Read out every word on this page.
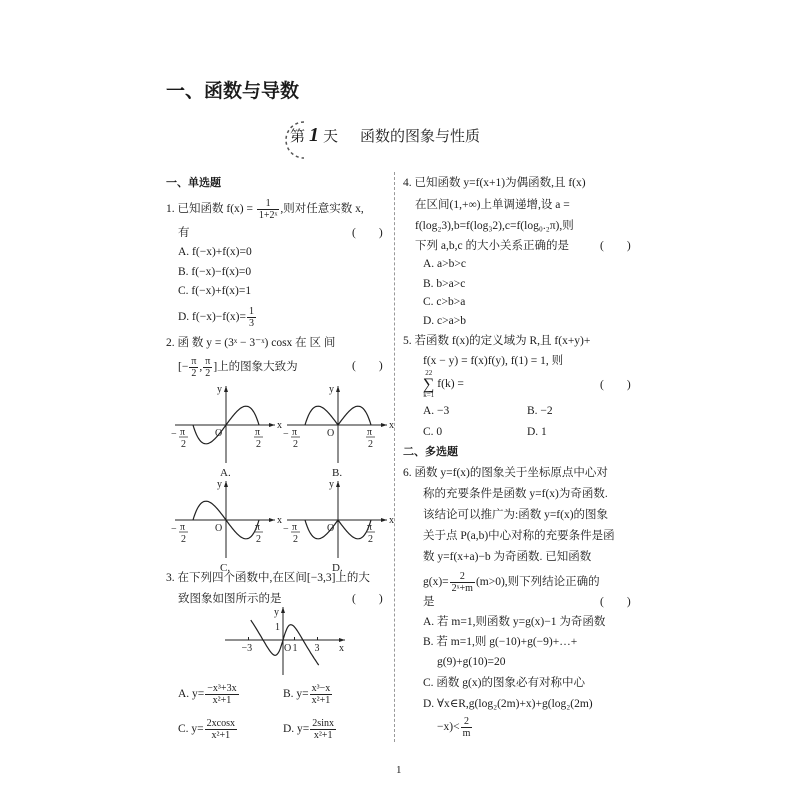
一、函数与导数
第 1 天 函数的图象与性质
一、单选题
1. 已知函数 $f(x) = \frac{1}{\text{1+2ˣ}}$ ,则对任意实数 x,
有	(　　)
A. f(−x)+f(x)=0
B. f(−x)−f(x)=0
C. f(−x)+f(x)=1
D. $f(-x)-f(x)= \frac{1}{3}$
2. 函 数 y = (3ˣ − 3⁻ˣ) cosx 在 区 间
[− $\frac{\pi}{2}$ , $\frac{\pi}{2}$ ]上的图象大致为	(　　)
x
y
O
− π
2
π
2
A.
x
y
O
− π
2
π
2
B.
x
y
O
− π
2
π
2
C.
x
y
O
− π
2
π
2
D.
3. 在下列四个函数中,在区间[−3,3]上的大
致图象如图所示的是	(　　)
−3	3
1
1
O	x
y
A. $y= \frac{\text{−x³+3x}}{\text{x²+1}}$	B. $y= \frac{\text{x³−x}}{\text{x²+1}}$
C. $y= \frac{2xcosx}{\text{x²+1}}$	D. $y= \frac{2\sin x}{\text{x²+1}}$
4. 已知函数 y=f(x+1)为偶函数,且 f(x)
在区间(1,+∞)上单调递增,设 a =
f(log₂3),b=f(log₃2),c=f(log₀.₂π),则
下列 a,b,c 的大小关系正确的是	(　　)
A. a>b>c
B. b>a>c
C. c>b>a
D. c>a>b
5. 若函数 f(x)的定义域为 R,且 f(x+y)+
f(x − y) = f(x)f(y), f(1) = 1, 则
22
∑
k=1 f(k) =	(　　)
A. −3	B. −2
C. 0	D. 1
二、多选题
6. 函数 y=f(x)的图象关于坐标原点中心对
称的充要条件是函数 y=f(x)为奇函数.
该结论可以推广为:函数 y=f(x)的图象
关于点 P(a,b)中心对称的充要条件是函
数 y=f(x+a)−b 为奇函数. 已知函数
$g(x)= \frac{2}{\text{2ˣ+m}} (m>0)$,则下列结论正确的
是	(　　)
A. 若 m=1,则函数 y=g(x)−1 为奇函数
B. 若 m=1,则 g(−10)+g(−9)+…+
g(9)+g(10)=20
C. 函数 g(x)的图象必有对称中心
D. ∀x∈R,g(log₂(2m)+x)+g(log₂(2m)
$-x)< \frac{2}{m}$
1
